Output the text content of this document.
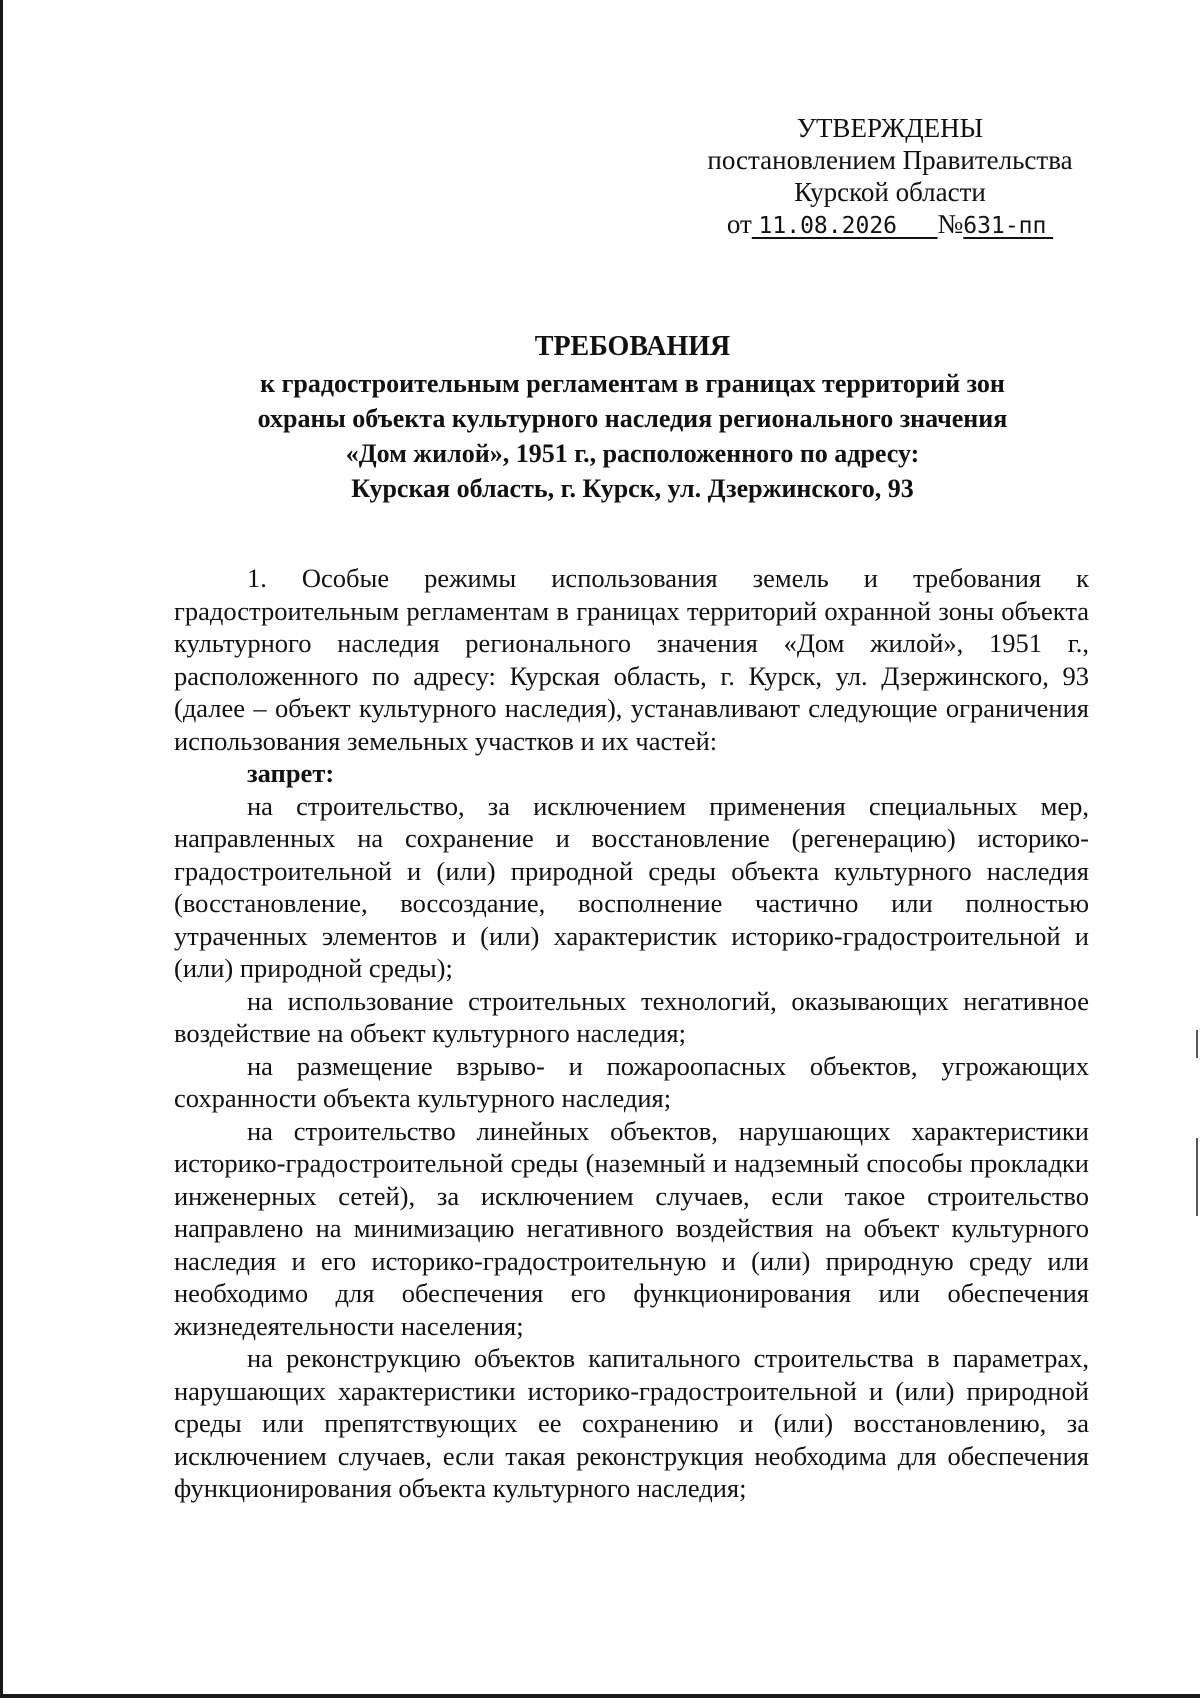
УТВЕРЖДЕНЫ
постановлением Правительства
Курской области
от 11.08.2026 №631-пп
ТРЕБОВАНИЯ
к градостроительным регламентам в границах территорий зон
охраны объекта культурного наследия регионального значения
«Дом жилой», 1951 г., расположенного по адресу:
Курская область, г. Курск, ул. Дзержинского, 93

1. Особые режимы использования земель и требования к градостроительным регламентам в границах территорий охранной зоны объекта культурного наследия регионального значения «Дом жилой», 1951 г., расположенного по адресу: Курская область, г. Курск, ул. Дзержинского, 93 (далее – объект культурного наследия), устанавливают следующие ограничения использования земельных участков и их частей:

запрет:

на строительство, за исключением применения специальных мер, направленных на сохранение и восстановление (регенерацию) историко-градостроительной и (или) природной среды объекта культурного наследия (восстановление, воссоздание, восполнение частично или полностью утраченных элементов и (или) характеристик историко-градостроительной и (или) природной среды);

на использование строительных технологий, оказывающих негативное воздействие на объект культурного наследия;

на размещение взрыво- и пожароопасных объектов, угрожающих сохранности объекта культурного наследия;

на строительство линейных объектов, нарушающих характеристики историко-градостроительной среды (наземный и надземный способы прокладки инженерных сетей), за исключением случаев, если такое строительство направлено на минимизацию негативного воздействия на объект культурного наследия и его историко-градостроительную и (или) природную среду или необходимо для обеспечения его функционирования или обеспечения жизнедеятельности населения;

на реконструкцию объектов капитального строительства в параметрах, нарушающих характеристики историко-градостроительной и (или) природной среды или препятствующих ее сохранению и (или) восстановлению, за исключением случаев, если такая реконструкция необходима для обеспечения функционирования объекта культурного наследия;
